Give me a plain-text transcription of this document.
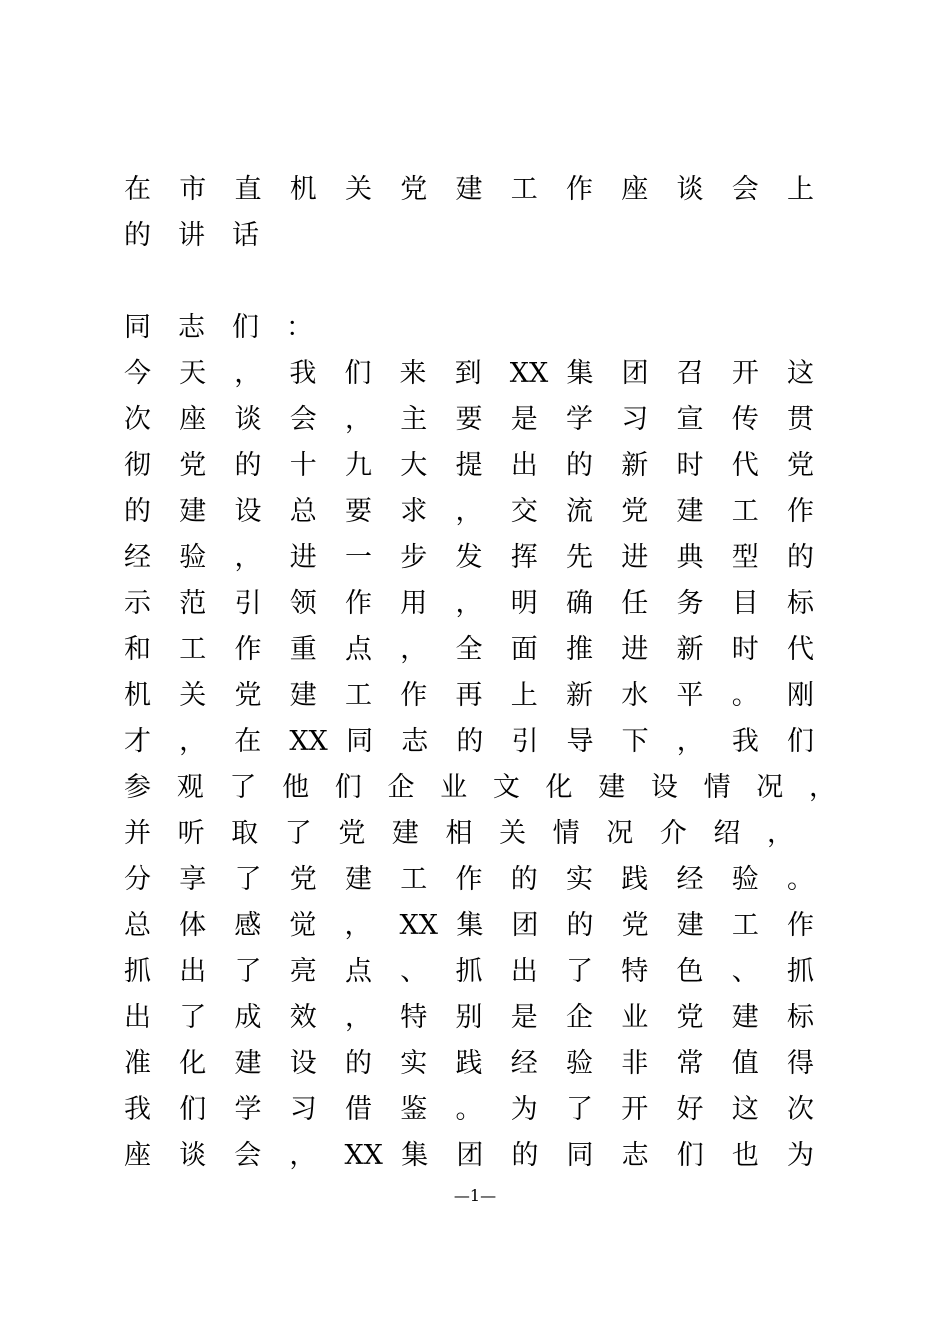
在 市 直 机 关 党 建 工 作 座 谈 会 上
的讲话
同志们：
今 天 ， 我 们 来 到 XX 集 团 召 开 这
次 座 谈 会 ， 主 要 是 学 习 宣 传 贯
彻 党 的 十 九 大 提 出 的 新 时 代 党
的 建 设 总 要 求 ， 交 流 党 建 工 作
经 验 ， 进 一 步 发 挥 先 进 典 型 的
示 范 引 领 作 用 ， 明 确 任 务 目 标
和 工 作 重 点 ， 全 面 推 进 新 时 代
机 关 党 建 工 作 再 上 新 水 平 。 刚
才 ， 在 XX 同 志 的 引 导 下 ， 我 们
参 观 了 他 们 企 业 文 化 建 设 情 况 ，
并 听 取 了 党 建 相 关 情 况 介 绍 ，
分 享 了 党 建 工 作 的 实 践 经 验 。
总 体 感 觉 ， XX 集 团 的 党 建 工 作
抓 出 了 亮 点 、 抓 出 了 特 色 、 抓
出 了 成 效 ， 特 别 是 企 业 党 建 标
准 化 建 设 的 实 践 经 验 非 常 值 得
我 们 学 习 借 鉴 。 为 了 开 好 这 次
座 谈 会 ， XX 集 团 的 同 志 们 也 为
—1—
